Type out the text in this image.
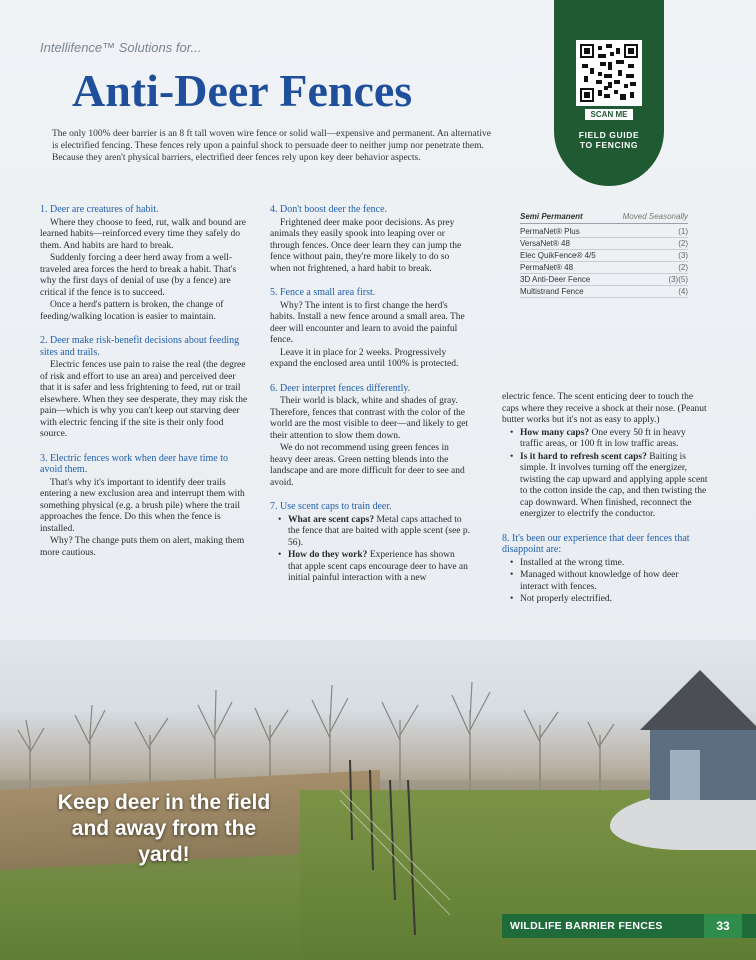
Intellifence™ Solutions for...
Anti-Deer Fences

The only 100% deer barrier is an 8 ft tall woven wire fence or solid wall—expensive and permanent. An alternative is electrified fencing. These fences rely upon a painful shock to persuade deer to neither jump nor penetrate them. Because they aren't physical barriers, electrified deer fences rely upon key deer behavior aspects.

SCAN ME
FIELD GUIDE
TO FENCING
1. Deer are creatures of habit.

Where they choose to feed, rut, walk and bound are learned habits—reinforced every time they safely do them. And habits are hard to break.

Suddenly forcing a deer herd away from a well-traveled area forces the herd to break a habit. That's why the first days of denial of use (by a fence) are critical if the fence is to succeed.

Once a herd's pattern is broken, the change of feeding/walking location is easier to maintain.

2. Deer make risk-benefit decisions about feeding sites and trails.

Electric fences use pain to raise the real (the degree of risk and effort to use an area) and perceived deer that it is safer and less frightening to feed, rut or trail elsewhere. When they see desperate, they may risk the pain—which is why you can't keep out starving deer with electric fencing if the site is their only food source.

3. Electric fences work when deer have time to avoid them.

That's why it's important to identify deer trails entering a new exclusion area and interrupt them with something physical (e.g. a brush pile) where the trail approaches the fence. Do this when the fence is installed.

Why? The change puts them on alert, making them more cautious.

4. Don't boost deer the fence.

Frightened deer make poor decisions. As prey animals they easily spook into leaping over or through fences. Once deer learn they can jump the fence without pain, they're more likely to do so when not frightened, a hard habit to break.

5. Fence a small area first.

Why? The intent is to first change the herd's habits. Install a new fence around a small area. The deer will encounter and learn to avoid the painful fence.

Leave it in place for 2 weeks. Progressively expand the enclosed area until 100% is protected.

6. Deer interpret fences differently.

Their world is black, white and shades of gray. Therefore, fences that contrast with the color of the world are the most visible to deer—and likely to get their attention to slow them down.

We do not recommend using green fences in heavy deer areas. Green netting blends into the landscape and are more difficult for deer to see and avoid.

7. Use scent caps to train deer.
• What are scent caps? Metal caps attached to the fence that are baited with apple scent (see p. 56).
• How do they work? Experience has shown that apple scent caps encourage deer to have an initial painful interaction with a new
Semi Permanent	Moved Seasonally
PermaNet® Plus	(1)
VersaNet® 48	(2)
Elec QuikFence® 4/5	(3)
PermaNet® 48	(2)
3D Anti-Deer Fence	(3)(5)
Multistrand Fence	(4)

electric fence. The scent enticing deer to touch the caps where they receive a shock at their nose. (Peanut butter works but it's not as easy to apply.)

• How many caps? One every 50 ft in heavy traffic areas, or 100 ft in low traffic areas.
• Is it hard to refresh scent caps? Baiting is simple. It involves turning off the energizer, twisting the cap upward and applying apple scent to the cotton inside the cap, and then twisting the cap downward. When finished, reconnect the energizer to electrify the conductor.
8. It's been our experience that deer fences that disappoint are:
• Installed at the wrong time.
• Managed without knowledge of how deer interact with fences.
• Not properly electrified.
Keep deer in the field and away from the yard!
WILDLIFE BARRIER FENCES	33
